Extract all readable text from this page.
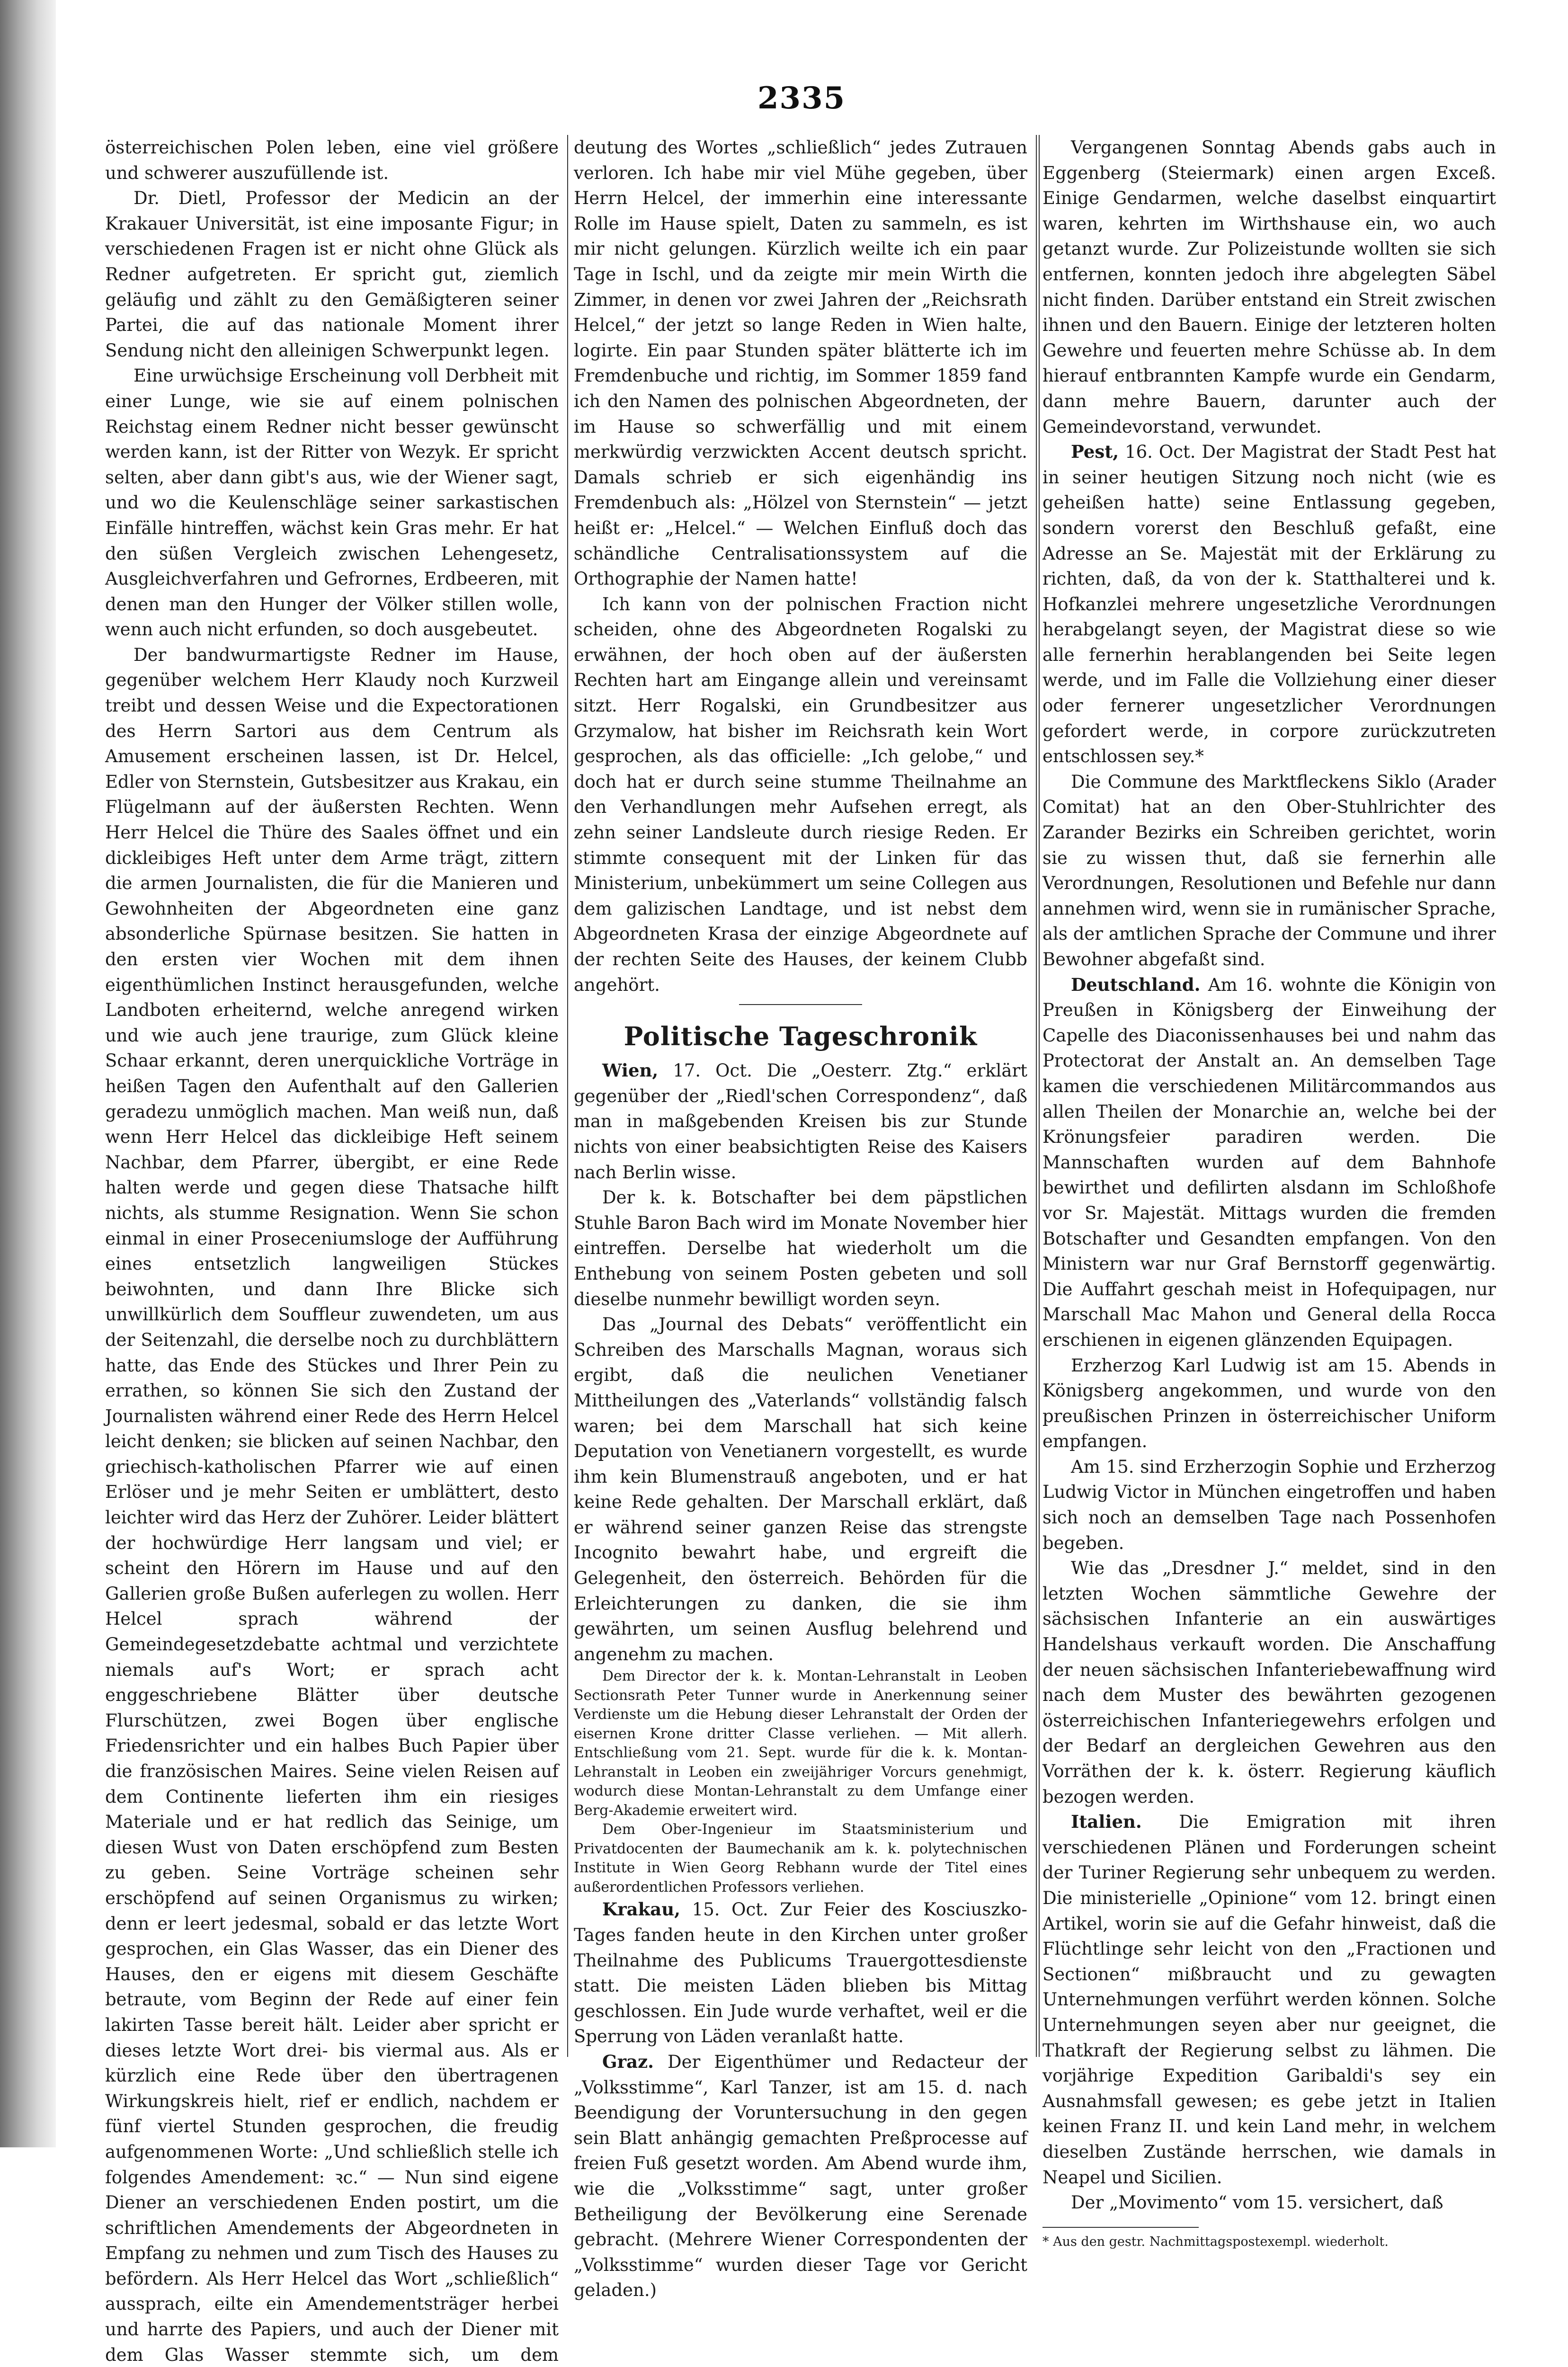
2335

österreichischen Polen leben, eine viel größere und schwerer auszufüllende ist.

Dr. Dietl, Professor der Medicin an der Krakauer Universität, ist eine imposante Figur; in verschiedenen Fragen ist er nicht ohne Glück als Redner aufgetreten. Er spricht gut, ziemlich geläufig und zählt zu den Gemäßigteren seiner Partei, die auf das nationale Moment ihrer Sendung nicht den alleinigen Schwerpunkt legen.

Eine urwüchsige Erscheinung voll Derbheit mit einer Lunge, wie sie auf einem polnischen Reichstag einem Redner nicht besser gewünscht werden kann, ist der Ritter von Wezyk. Er spricht selten, aber dann gibt's aus, wie der Wiener sagt, und wo die Keulenschläge seiner sarkastischen Einfälle hintreffen, wächst kein Gras mehr. Er hat den süßen Vergleich zwischen Lehengesetz, Ausgleichverfahren und Gefrornes, Erdbeeren, mit denen man den Hunger der Völker stillen wolle, wenn auch nicht erfunden, so doch ausgebeutet.

Der bandwurmartigste Redner im Hause, gegenüber welchem Herr Klaudy noch Kurzweil treibt und dessen Weise und die Expectorationen des Herrn Sartori aus dem Centrum als Amusement erscheinen lassen, ist Dr. Helcel, Edler von Sternstein, Gutsbesitzer aus Krakau, ein Flügelmann auf der äußersten Rechten. Wenn Herr Helcel die Thüre des Saales öffnet und ein dickleibiges Heft unter dem Arme trägt, zittern die armen Journalisten, die für die Manieren und Gewohnheiten der Abgeordneten eine ganz absonderliche Spürnase besitzen. Sie hatten in den ersten vier Wochen mit dem ihnen eigenthümlichen Instinct herausgefunden, welche Landboten erheiternd, welche anregend wirken und wie auch jene traurige, zum Glück kleine Schaar erkannt, deren unerquickliche Vorträge in heißen Tagen den Aufenthalt auf den Gallerien geradezu unmöglich machen. Man weiß nun, daß wenn Herr Helcel das dickleibige Heft seinem Nachbar, dem Pfarrer, übergibt, er eine Rede halten werde und gegen diese Thatsache hilft nichts, als stumme Resignation. Wenn Sie schon einmal in einer Proseceniumsloge der Aufführung eines entsetzlich langweiligen Stückes beiwohnten, und dann Ihre Blicke sich unwillkürlich dem Souffleur zuwendeten, um aus der Seitenzahl, die derselbe noch zu durchblättern hatte, das Ende des Stückes und Ihrer Pein zu errathen, so können Sie sich den Zustand der Journalisten während einer Rede des Herrn Helcel leicht denken; sie blicken auf seinen Nachbar, den griechisch-katholischen Pfarrer wie auf einen Erlöser und je mehr Seiten er umblättert, desto leichter wird das Herz der Zuhörer. Leider blättert der hochwürdige Herr langsam und viel; er scheint den Hörern im Hause und auf den Gallerien große Bußen auferlegen zu wollen. Herr Helcel sprach während der Gemeindegesetzdebatte achtmal und verzichtete niemals auf's Wort; er sprach acht enggeschriebene Blätter über deutsche Flurschützen, zwei Bogen über englische Friedensrichter und ein halbes Buch Papier über die französischen Maires. Seine vielen Reisen auf dem Continente lieferten ihm ein riesiges Materiale und er hat redlich das Seinige, um diesen Wust von Daten erschöpfend zum Besten zu geben. Seine Vorträge scheinen sehr erschöpfend auf seinen Organismus zu wirken; denn er leert jedesmal, sobald er das letzte Wort gesprochen, ein Glas Wasser, das ein Diener des Hauses, den er eigens mit diesem Geschäfte betraute, vom Beginn der Rede auf einer fein lakirten Tasse bereit hält. Leider aber spricht er dieses letzte Wort drei- bis viermal aus. Als er kürzlich eine Rede über den übertragenen Wirkungskreis hielt, rief er endlich, nachdem er fünf viertel Stunden gesprochen, die freudig aufgenommenen Worte: „Und schließlich stelle ich folgendes Amendement: ꝛc.“ — Nun sind eigene Diener an verschiedenen Enden postirt, um die schriftlichen Amendements der Abgeordneten in Empfang zu nehmen und zum Tisch des Hauses zu befördern. Als Herr Helcel das Wort „schließlich“ aussprach, eilte ein Amendementsträger herbei und harrte des Papiers, und auch der Diener mit dem Glas Wasser stemmte sich, um dem

deutung des Wortes „schließlich“ jedes Zutrauen verloren. Ich habe mir viel Mühe gegeben, über Herrn Helcel, der immerhin eine interessante Rolle im Hause spielt, Daten zu sammeln, es ist mir nicht gelungen. Kürzlich weilte ich ein paar Tage in Ischl, und da zeigte mir mein Wirth die Zimmer, in denen vor zwei Jahren der „Reichsrath Helcel,“ der jetzt so lange Reden in Wien halte, logirte. Ein paar Stunden später blätterte ich im Fremdenbuche und richtig, im Sommer 1859 fand ich den Namen des polnischen Abgeordneten, der im Hause so schwerfällig und mit einem merkwürdig verzwickten Accent deutsch spricht. Damals schrieb er sich eigenhändig ins Fremdenbuch als: „Hölzel von Sternstein“ — jetzt heißt er: „Helcel.“ — Welchen Einfluß doch das schändliche Centralisationssystem auf die Orthographie der Namen hatte!

Ich kann von der polnischen Fraction nicht scheiden, ohne des Abgeordneten Rogalski zu erwähnen, der hoch oben auf der äußersten Rechten hart am Eingange allein und vereinsamt sitzt. Herr Rogalski, ein Grundbesitzer aus Grzymalow, hat bisher im Reichsrath kein Wort gesprochen, als das officielle: „Ich gelobe,“ und doch hat er durch seine stumme Theilnahme an den Verhandlungen mehr Aufsehen erregt, als zehn seiner Landsleute durch riesige Reden. Er stimmte consequent mit der Linken für das Ministerium, unbekümmert um seine Collegen aus dem galizischen Landtage, und ist nebst dem Abgeordneten Krasa der einzige Abgeordnete auf der rechten Seite des Hauses, der keinem Clubb angehört.

Politische Tageschronik

Wien, 17. Oct. Die „Oesterr. Ztg.“ erklärt gegenüber der „Riedl'schen Correspondenz“, daß man in maßgebenden Kreisen bis zur Stunde nichts von einer beabsichtigten Reise des Kaisers nach Berlin wisse.

Der k. k. Botschafter bei dem päpstlichen Stuhle Baron Bach wird im Monate November hier eintreffen. Derselbe hat wiederholt um die Enthebung von seinem Posten gebeten und soll dieselbe nunmehr bewilligt worden seyn.

Das „Journal des Debats“ veröffentlicht ein Schreiben des Marschalls Magnan, woraus sich ergibt, daß die neulichen Venetianer Mittheilungen des „Vaterlands“ vollständig falsch waren; bei dem Marschall hat sich keine Deputation von Venetianern vorgestellt, es wurde ihm kein Blumenstrauß angeboten, und er hat keine Rede gehalten. Der Marschall erklärt, daß er während seiner ganzen Reise das strengste Incognito bewahrt habe, und ergreift die Gelegenheit, den österreich. Behörden für die Erleichterungen zu danken, die sie ihm gewährten, um seinen Ausflug belehrend und angenehm zu machen.

Dem Director der k. k. Montan-Lehranstalt in Leoben Sectionsrath Peter Tunner wurde in Anerkennung seiner Verdienste um die Hebung dieser Lehranstalt der Orden der eisernen Krone dritter Classe verliehen. — Mit allerh. Entschließung vom 21. Sept. wurde für die k. k. Montan-Lehranstalt in Leoben ein zweijähriger Vorcurs genehmigt, wodurch diese Montan-Lehranstalt zu dem Umfange einer Berg-Akademie erweitert wird.

Dem Ober-Ingenieur im Staatsministerium und Privatdocenten der Baumechanik am k. k. polytechnischen Institute in Wien Georg Rebhann wurde der Titel eines außerordentlichen Professors verliehen.

Krakau, 15. Oct. Zur Feier des Kosciuszko-Tages fanden heute in den Kirchen unter großer Theilnahme des Publicums Trauergottesdienste statt. Die meisten Läden blieben bis Mittag geschlossen. Ein Jude wurde verhaftet, weil er die Sperrung von Läden veranlaßt hatte.

Graz. Der Eigenthümer und Redacteur der „Volksstimme“, Karl Tanzer, ist am 15. d. nach Beendigung der Voruntersuchung in den gegen sein Blatt anhängig gemachten Preßprocesse auf freien Fuß gesetzt worden. Am Abend wurde ihm, wie die „Volksstimme“ sagt, unter großer Betheiligung der Bevölkerung eine Serenade gebracht. (Mehrere Wiener Correspondenten der „Volksstimme“ wurden dieser Tage vor Gericht geladen.)

Vergangenen Sonntag Abends gabs auch in Eggenberg (Steiermark) einen argen Exceß. Einige Gendarmen, welche daselbst einquartirt waren, kehrten im Wirthshause ein, wo auch getanzt wurde. Zur Polizeistunde wollten sie sich entfernen, konnten jedoch ihre abgelegten Säbel nicht finden. Darüber entstand ein Streit zwischen ihnen und den Bauern. Einige der letzteren holten Gewehre und feuerten mehre Schüsse ab. In dem hierauf entbrannten Kampfe wurde ein Gendarm, dann mehre Bauern, darunter auch der Gemeindevorstand, verwundet.

Pest, 16. Oct. Der Magistrat der Stadt Pest hat in seiner heutigen Sitzung noch nicht (wie es geheißen hatte) seine Entlassung gegeben, sondern vorerst den Beschluß gefaßt, eine Adresse an Se. Majestät mit der Erklärung zu richten, daß, da von der k. Statthalterei und k. Hofkanzlei mehrere ungesetzliche Verordnungen herabgelangt seyen, der Magistrat diese so wie alle fernerhin herablangenden bei Seite legen werde, und im Falle die Vollziehung einer dieser oder fernerer ungesetzlicher Verordnungen gefordert werde, in corpore zurückzutreten entschlossen sey.*

Die Commune des Marktfleckens Siklo (Arader Comitat) hat an den Ober-Stuhlrichter des Zarander Bezirks ein Schreiben gerichtet, worin sie zu wissen thut, daß sie fernerhin alle Verordnungen, Resolutionen und Befehle nur dann annehmen wird, wenn sie in rumänischer Sprache, als der amtlichen Sprache der Commune und ihrer Bewohner abgefaßt sind.

Deutschland. Am 16. wohnte die Königin von Preußen in Königsberg der Einweihung der Capelle des Diaconissenhauses bei und nahm das Protectorat der Anstalt an. An demselben Tage kamen die verschiedenen Militärcommandos aus allen Theilen der Monarchie an, welche bei der Krönungsfeier paradiren werden. Die Mannschaften wurden auf dem Bahnhofe bewirthet und defilirten alsdann im Schloßhofe vor Sr. Majestät. Mittags wurden die fremden Botschafter und Gesandten empfangen. Von den Ministern war nur Graf Bernstorff gegenwärtig. Die Auffahrt geschah meist in Hofequipagen, nur Marschall Mac Mahon und General della Rocca erschienen in eigenen glänzenden Equipagen.

Erzherzog Karl Ludwig ist am 15. Abends in Königsberg angekommen, und wurde von den preußischen Prinzen in österreichischer Uniform empfangen.

Am 15. sind Erzherzogin Sophie und Erzherzog Ludwig Victor in München eingetroffen und haben sich noch an demselben Tage nach Possenhofen begeben.

Wie das „Dresdner J.“ meldet, sind in den letzten Wochen sämmtliche Gewehre der sächsischen Infanterie an ein auswärtiges Handelshaus verkauft worden. Die Anschaffung der neuen sächsischen Infanteriebewaffnung wird nach dem Muster des bewährten gezogenen österreichischen Infanteriegewehrs erfolgen und der Bedarf an dergleichen Gewehren aus den Vorräthen der k. k. österr. Regierung käuflich bezogen werden.

Italien. Die Emigration mit ihren verschiedenen Plänen und Forderungen scheint der Turiner Regierung sehr unbequem zu werden. Die ministerielle „Opinione“ vom 12. bringt einen Artikel, worin sie auf die Gefahr hinweist, daß die Flüchtlinge sehr leicht von den „Fractionen und Sectionen“ mißbraucht und zu gewagten Unternehmungen verführt werden können. Solche Unternehmungen seyen aber nur geeignet, die Thatkraft der Regierung selbst zu lähmen. Die vorjährige Expedition Garibaldi's sey ein Ausnahmsfall gewesen; es gebe jetzt in Italien keinen Franz II. und kein Land mehr, in welchem dieselben Zustände herrschen, wie damals in Neapel und Sicilien.

Der „Movimento“ vom 15. versichert, daß

* Aus den gestr. Nachmittagspostexempl. wiederholt.
